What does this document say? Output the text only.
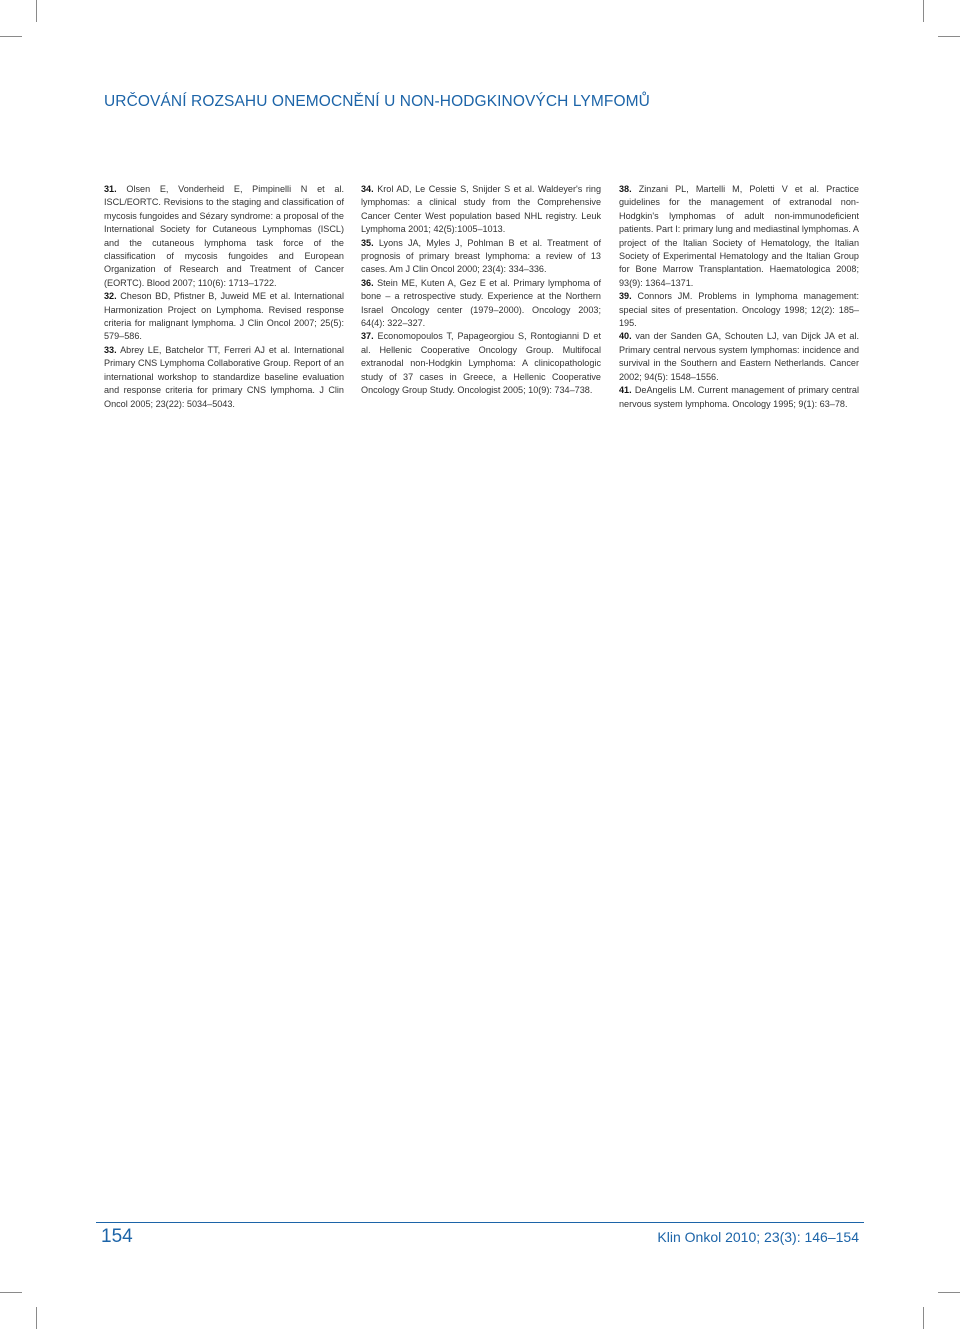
URČOVÁNÍ ROZSAHU ONEMOCNĚNÍ U NON-HODGKINOVÝCH LYMFOMŮ

31. Olsen E, Vonderheid E, Pimpinelli N et al. ISCL/EORTC. Revisions to the staging and classification of mycosis fungoides and Sézary syndrome: a proposal of the International Society for Cutaneous Lymphomas (ISCL) and the cutaneous lymphoma task force of the classification of mycosis fungoides and European Organization of Research and Treatment of Cancer (EORTC). Blood 2007; 110(6): 1713–1722.

32. Cheson BD, Pfistner B, Juweid ME et al. International Harmonization Project on Lymphoma. Revised response criteria for malignant lymphoma. J Clin Oncol 2007; 25(5): 579–586.

33. Abrey LE, Batchelor TT, Ferreri AJ et al. International Primary CNS Lymphoma Collaborative Group. Report of an international workshop to standardize baseline evaluation and response criteria for primary CNS lymphoma. J Clin Oncol 2005; 23(22): 5034–5043.

34. Krol AD, Le Cessie S, Snijder S et al. Waldeyer's ring lymphomas: a clinical study from the Comprehensive Cancer Center West population based NHL registry. Leuk Lymphoma 2001; 42(5):1005–1013.

35. Lyons JA, Myles J, Pohlman B et al. Treatment of prognosis of primary breast lymphoma: a review of 13 cases. Am J Clin Oncol 2000; 23(4): 334–336.

36. Stein ME, Kuten A, Gez E et al. Primary lymphoma of bone – a retrospective study. Experience at the Northern Israel Oncology center (1979–2000). Oncology 2003; 64(4): 322–327.

37. Economopoulos T, Papageorgiou S, Rontogianni D et al. Hellenic Cooperative Oncology Group. Multifocal extranodal non-Hodgkin Lymphoma: A clinicopathologic study of 37 cases in Greece, a Hellenic Cooperative Oncology Group Study. Oncologist 2005; 10(9): 734–738.

38. Zinzani PL, Martelli M, Poletti V et al. Practice guidelines for the management of extranodal non-Hodgkin's lymphomas of adult non-immunodeficient patients. Part I: primary lung and mediastinal lymphomas. A project of the Italian Society of Hematology, the Italian Society of Experimental Hematology and the Italian Group for Bone Marrow Transplantation. Haematologica 2008; 93(9): 1364–1371.

39. Connors JM. Problems in lymphoma management: special sites of presentation. Oncology 1998; 12(2): 185–195.

40. van der Sanden GA, Schouten LJ, van Dijck JA et al. Primary central nervous system lymphomas: incidence and survival in the Southern and Eastern Netherlands. Cancer 2002; 94(5): 1548–1556.

41. DeAngelis LM. Current management of primary central nervous system lymphoma. Oncology 1995; 9(1): 63–78.

154	Klin Onkol 2010; 23(3): 146–154
